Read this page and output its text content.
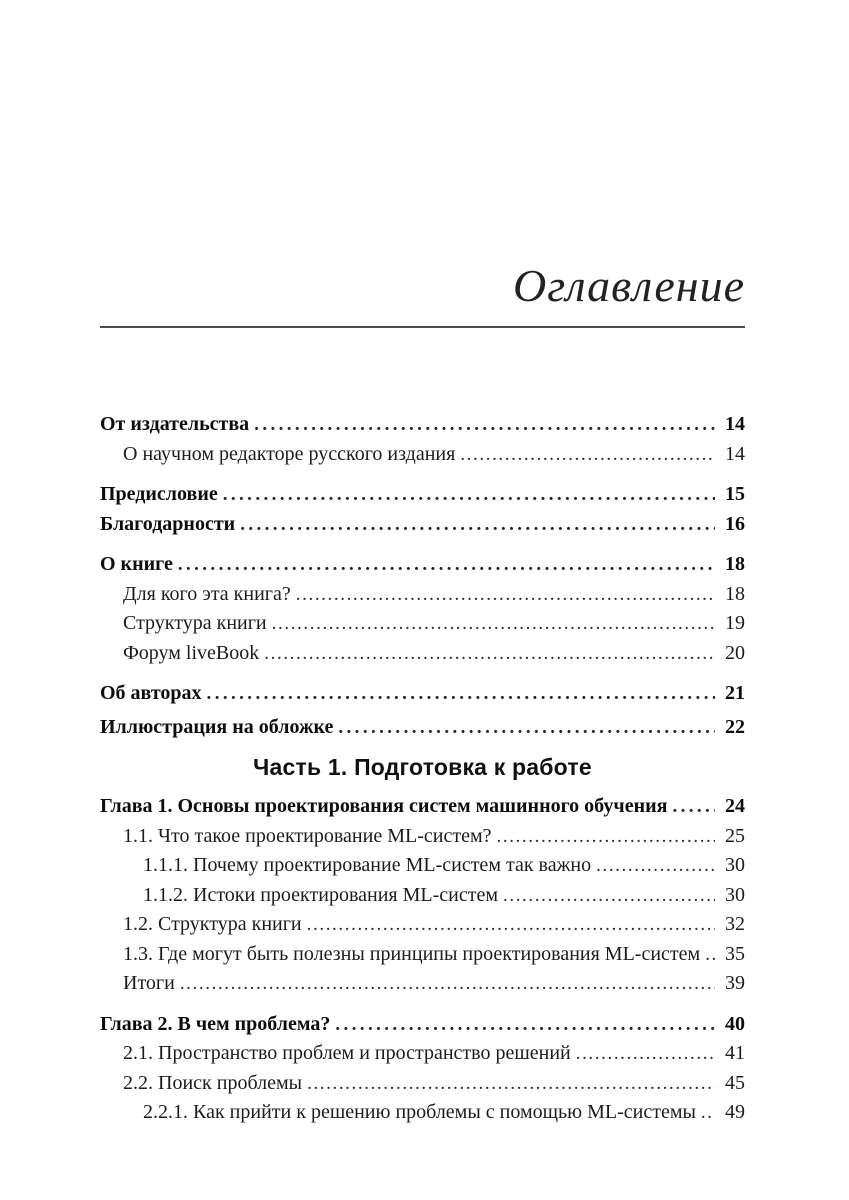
Оглавление
От издательства .....	14
О научном редакторе русского издания .....	14
Предисловие .....	15
Благодарности .....	16
О книге .....	18
Для кого эта книга? .....	18
Структура книги .....	19
Форум liveBook .....	20
Об авторах .....	21
Иллюстрация на обложке .....	22
Часть 1. Подготовка к работе
Глава 1. Основы проектирования систем машинного обучения .....	24
1.1. Что такое проектирование ML-систем? .....	25
1.1.1. Почему проектирование ML-систем так важно .....	30
1.1.2. Истоки проектирования ML-систем .....	30
1.2. Структура книги .....	32
1.3. Где могут быть полезны принципы проектирования ML-систем .....	35
Итоги .....	39
Глава 2. В чем проблема? .....	40
2.1. Пространство проблем и пространство решений .....	41
2.2. Поиск проблемы .....	45
2.2.1. Как прийти к решению проблемы с помощью ML-системы .....	49
